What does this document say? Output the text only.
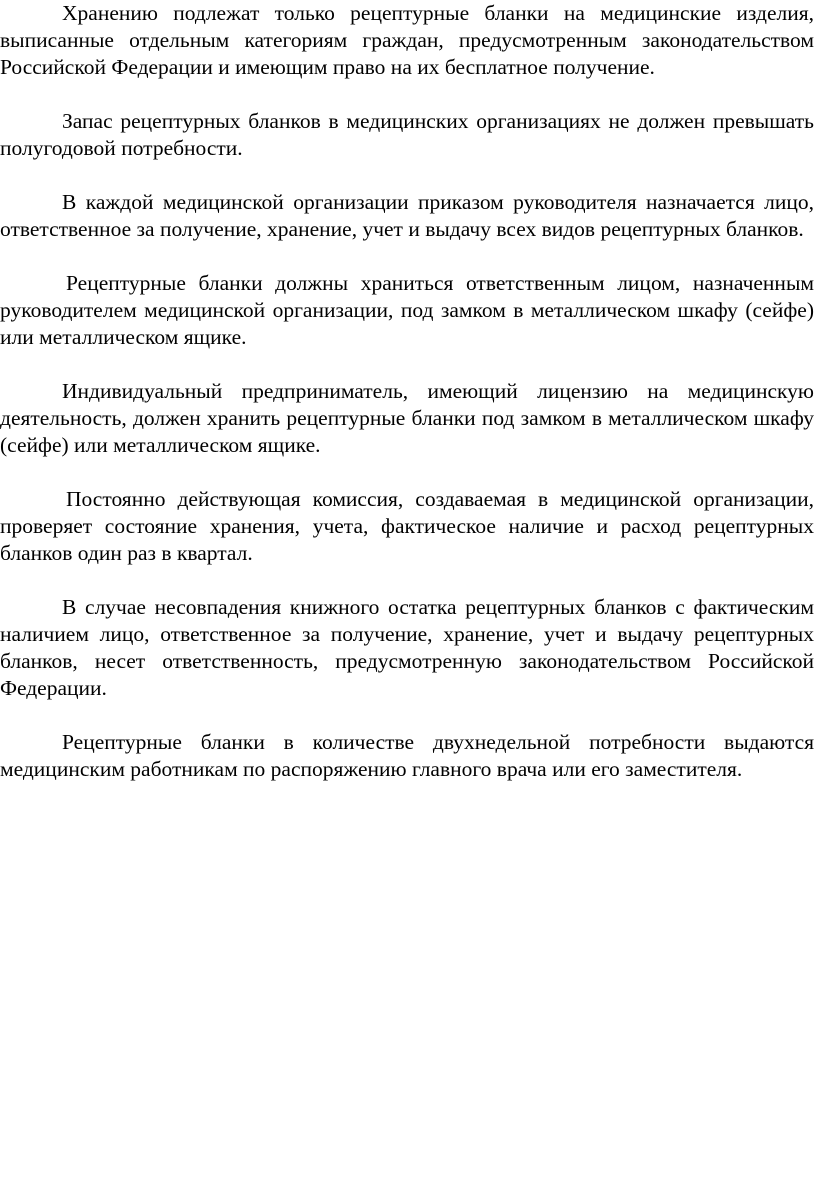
Хранению подлежат только рецептурные бланки на медицинские изделия, выписанные отдельным категориям граждан, предусмотренным законодательством Российской Федерации и имеющим право на их бесплатное получение.

Запас рецептурных бланков в медицинских организациях не должен превышать полугодовой потребности.

В каждой медицинской организации приказом руководителя назначается лицо, ответственное за получение, хранение, учет и выдачу всех видов рецептурных бланков.

Рецептурные бланки должны храниться ответственным лицом, назначенным руководителем медицинской организации, под замком в металлическом шкафу (сейфе) или металлическом ящике.

Индивидуальный предприниматель, имеющий лицензию на медицинскую деятельность, должен хранить рецептурные бланки под замком в металлическом шкафу (сейфе) или металлическом ящике.

Постоянно действующая комиссия, создаваемая в медицинской организации, проверяет состояние хранения, учета, фактическое наличие и расход рецептурных бланков один раз в квартал.

В случае несовпадения книжного остатка рецептурных бланков с фактическим наличием лицо, ответственное за получение, хранение, учет и выдачу рецептурных бланков, несет ответственность, предусмотренную законодательством Российской Федерации.

Рецептурные бланки в количестве двухнедельной потребности выдаются медицинским работникам по распоряжению главного врача или его заместителя.
